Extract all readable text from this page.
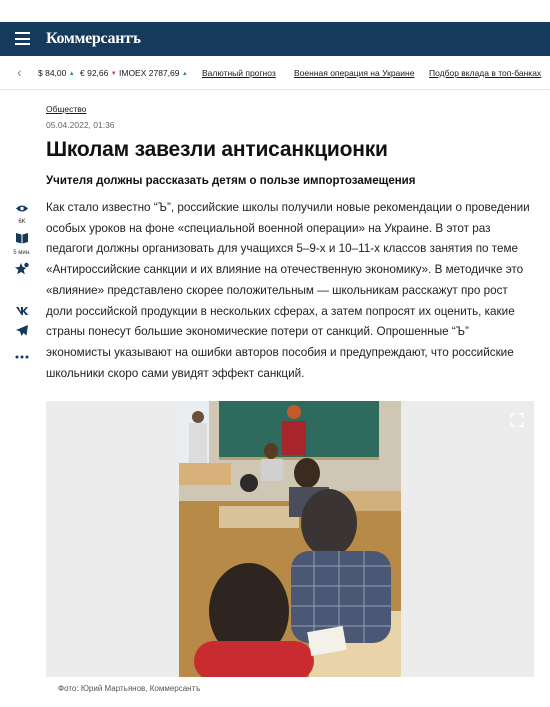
Коммерсантъ
‹ $ 84,00 ▲ € 92,66 ▼ IMOEX 2787,69 ▲ Валютный прогноз Военная операция на Украине Подбор вклада в топ-банках
Общество
05.04.2022, 01:36
Школам завезли антисанкционки
Учителя должны рассказать детям о пользе импортозамещения
6K
5 мин.

Как стало известно “Ъ”, российские школы получили новые рекомендации о проведении особых уроков на фоне «специальной военной операции» на Украине. В этот раз педагоги должны организовать для учащихся 5–9-х и 10–11-х классов занятия по теме «Антироссийские санкции и их влияние на отечественную экономику». В методичке это «влияние» представлено скорее положительным — школьникам расскажут про рост доли российской продукции в нескольких сферах, а затем попросят их оценить, какие страны понесут большие экономические потери от санкций. Опрошенные “Ъ” экономисты указывают на ошибки авторов пособия и предупреждают, что российские школьники скоро сами увидят эффект санкций.

Фото: Юрий Мартьянов, Коммерсантъ
